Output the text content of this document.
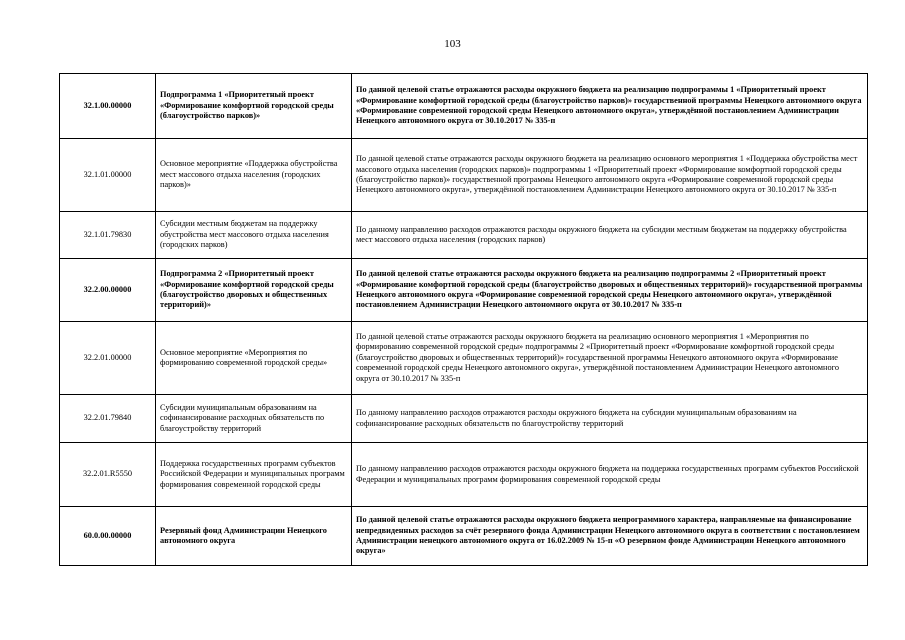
103
32.1.00.00000	Подпрограмма 1 «Приоритетный проект «Формирование комфортной городской среды (благоустройство парков)»	По данной целевой статье отражаются расходы окружного бюджета на реализацию подпрограммы 1 «Приоритетный проект «Формирование комфортной городской среды (благоустройство парков)» государственной программы Ненецкого автономного округа «Формирование современной городской среды Ненецкого автономного округа», утверждённой постановлением Администрации Ненецкого автономного округа от 30.10.2017 № 335-п
32.1.01.00000	Основное мероприятие «Поддержка обустройства мест массового отдыха населения (городских парков)»	По данной целевой статье отражаются расходы окружного бюджета на реализацию основного мероприятия 1 «Поддержка обустройства мест массового отдыха населения (городских парков)» подпрограммы 1 «Приоритетный проект «Формирование комфортной городской среды (благоустройство парков)» государственной программы Ненецкого автономного округа «Формирование современной городской среды Ненецкого автономного округа», утверждённой постановлением Администрации Ненецкого автономного округа от 30.10.2017 № 335-п
32.1.01.79830	Субсидии местным бюджетам на поддержку обустройства мест массового отдыха населения (городских парков)	По данному направлению расходов отражаются расходы окружного бюджета на субсидии местным бюджетам на поддержку обустройства мест массового отдыха населения (городских парков)
32.2.00.00000	Подпрограмма 2 «Приоритетный проект «Формирование комфортной городской среды (благоустройство дворовых и общественных территорий)»	По данной целевой статье отражаются расходы окружного бюджета на реализацию подпрограммы 2 «Приоритетный проект «Формирование комфортной городской среды (благоустройство дворовых и общественных территорий)» государственной программы Ненецкого автономного округа «Формирование современной городской среды Ненецкого автономного округа», утверждённой постановлением Администрации Ненецкого автономного округа от 30.10.2017 № 335-п
32.2.01.00000	Основное мероприятие «Мероприятия по формированию современной городской среды»	По данной целевой статье отражаются расходы окружного бюджета на реализацию основного мероприятия 1 «Мероприятия по формированию современной городской среды» подпрограммы 2 «Приоритетный проект «Формирование комфортной городской среды (благоустройство дворовых и общественных территорий)» государственной программы Ненецкого автономного округа «Формирование современной городской среды Ненецкого автономного округа», утверждённой постановлением Администрации Ненецкого автономного округа от 30.10.2017 № 335-п
32.2.01.79840	Субсидии муниципальным образованиям на софинансирование расходных обязательств по благоустройству территорий	По данному направлению расходов отражаются расходы окружного бюджета на субсидии муниципальным образованиям на софинансирование расходных обязательств по благоустройству территорий
32.2.01.R5550	Поддержка государственных программ субъектов Российской Федерации и муниципальных программ формирования современной городской среды	По данному направлению расходов отражаются расходы окружного бюджета на поддержка государственных программ субъектов Российской Федерации и муниципальных программ формирования современной городской среды
60.0.00.00000	Резервный фонд Администрации Ненецкого автономного округа	По данной целевой статье отражаются расходы окружного бюджета непрограммного характера, направляемые на финансирование непредвиденных расходов за счёт резервного фонда Администрации Ненецкого автономного округа в соответствии с постановлением Администрации ненецкого автономного округа от 16.02.2009 № 15-п «О резервном фонде Администрации Ненецкого автономного округа»
